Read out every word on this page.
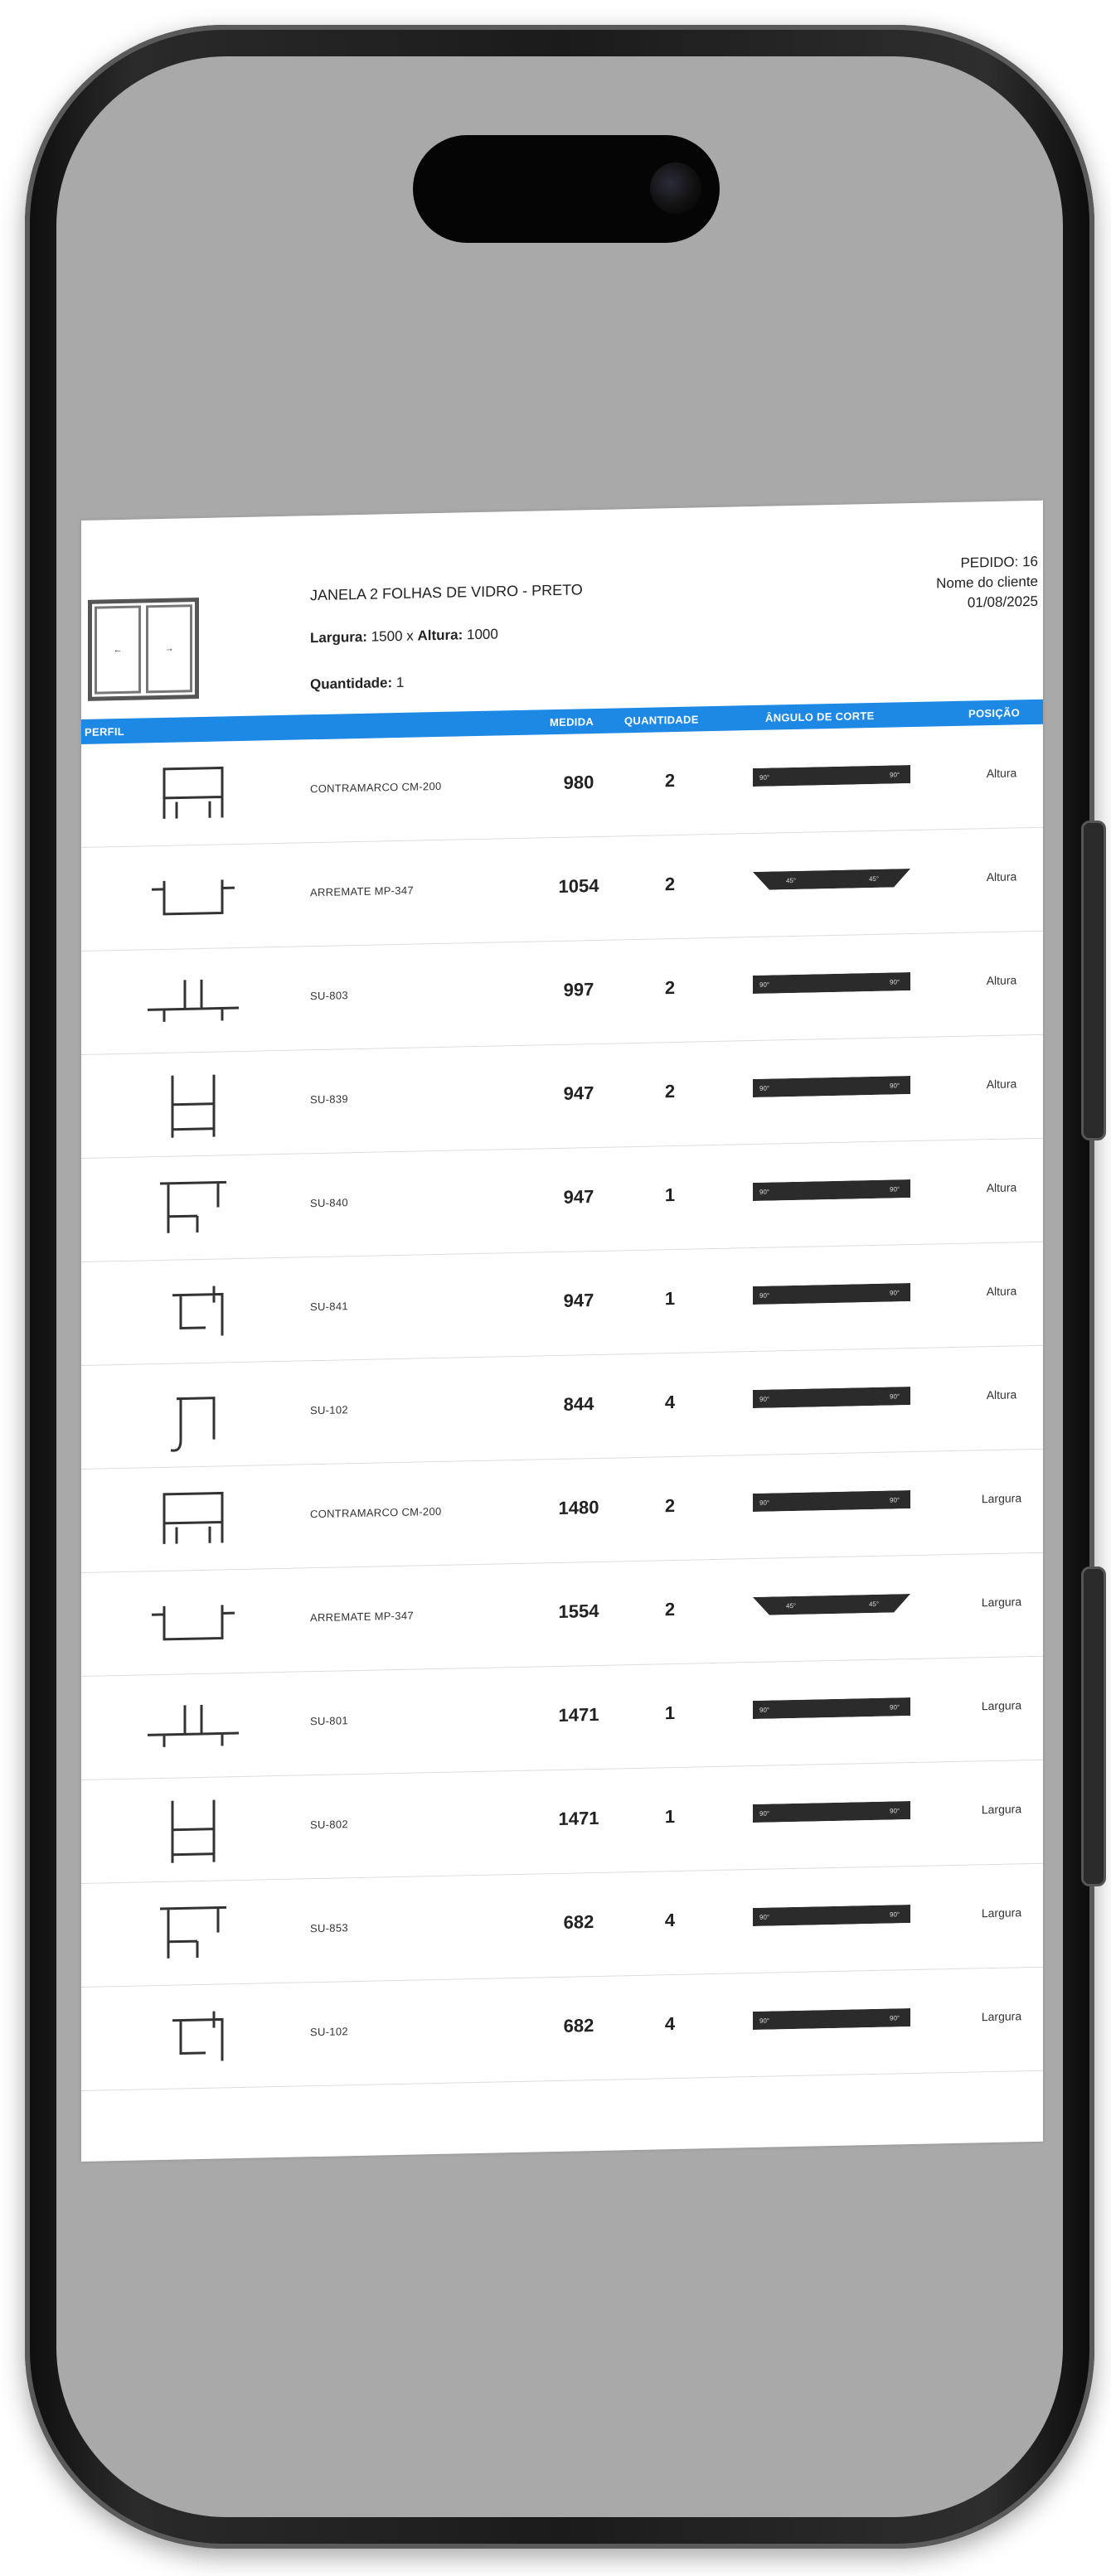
←	→
JANELA 2 FOLHAS DE VIDRO - PRETO
Largura: 1500 x Altura: 1000
Quantidade: 1
PEDIDO: 16
Nome do cliente
01/08/2025
PERFIL
MEDIDA	QUANTIDADE	ÂNGULO DE CORTE	POSIÇÃO
CONTRAMARCO CM-200	980	2	90°	90°	Altura
ARREMATE MP-347	1054	2	45°	45°	Altura
SU-803	997	2	90°	90°	Altura
SU-839	947	2	90°	90°	Altura
SU-840	947	1	90°	90°	Altura
SU-841	947	1	90°	90°	Altura
SU-102	844	4	90°	90°	Altura
CONTRAMARCO CM-200	1480	2	90°	90°	Largura
ARREMATE MP-347	1554	2	45°	45°	Largura
SU-801	1471	1	90°	90°	Largura
SU-802	1471	1	90°	90°	Largura
SU-853	682	4	90°	90°	Largura
SU-102	682	4	90°	90°	Largura
